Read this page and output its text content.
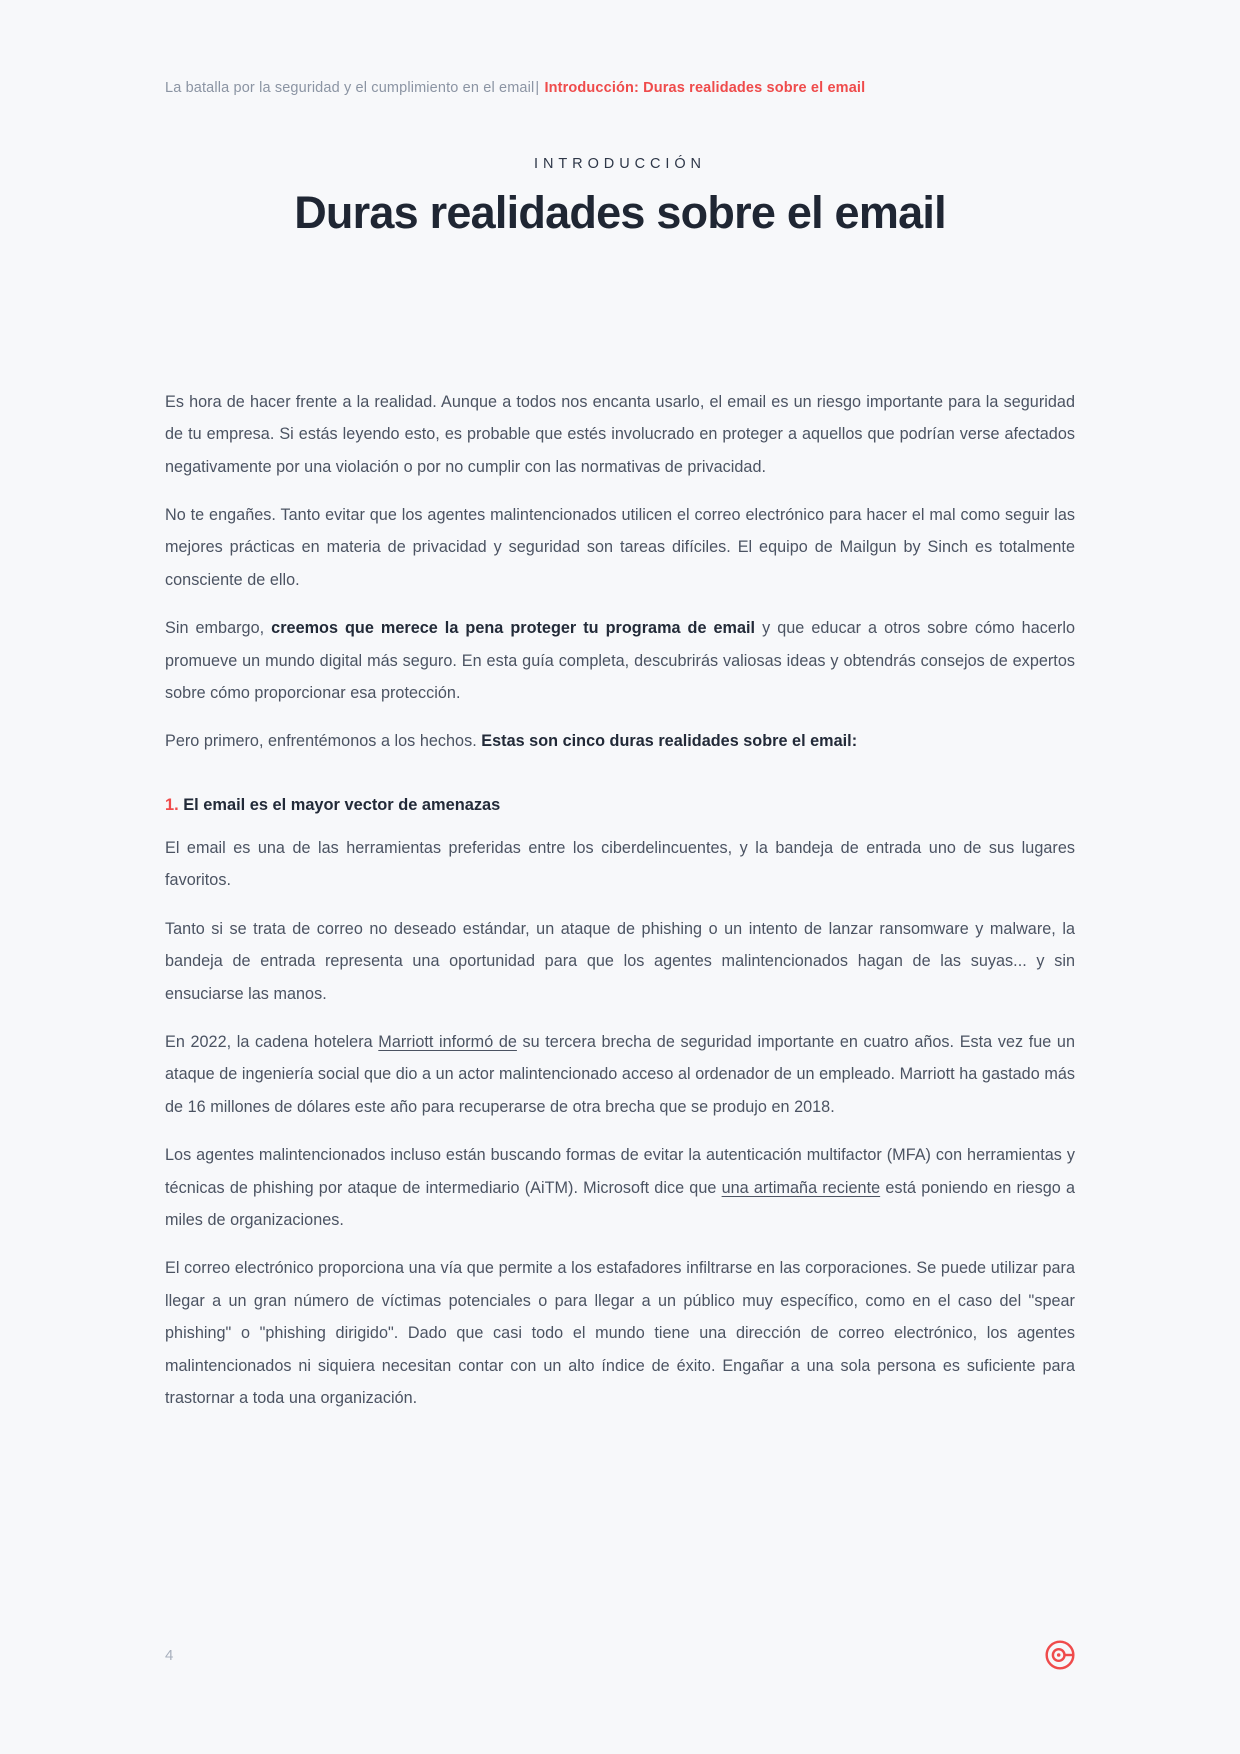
La batalla por la seguridad y el cumplimiento en el email| Introducción: Duras realidades sobre el email
INTRODUCCIÓN
Duras realidades sobre el email

Es hora de hacer frente a la realidad. Aunque a todos nos encanta usarlo, el email es un riesgo importante para la seguridad de tu empresa. Si estás leyendo esto, es probable que estés involucrado en proteger a aquellos que podrían verse afectados negativamente por una violación o por no cumplir con las normativas de privacidad.

No te engañes. Tanto evitar que los agentes malintencionados utilicen el correo electrónico para hacer el mal como seguir las mejores prácticas en materia de privacidad y seguridad son tareas difíciles. El equipo de Mailgun by Sinch es totalmente consciente de ello.

Sin embargo, creemos que merece la pena proteger tu programa de email y que educar a otros sobre cómo hacerlo promueve un mundo digital más seguro. En esta guía completa, descubrirás valiosas ideas y obtendrás consejos de expertos sobre cómo proporcionar esa protección.

Pero primero, enfrentémonos a los hechos. Estas son cinco duras realidades sobre el email:

1. El email es el mayor vector de amenazas

El email es una de las herramientas preferidas entre los ciberdelincuentes, y la bandeja de entrada uno de sus lugares favoritos.

Tanto si se trata de correo no deseado estándar, un ataque de phishing o un intento de lanzar ransomware y malware, la bandeja de entrada representa una oportunidad para que los agentes malintencionados hagan de las suyas... y sin ensuciarse las manos.

En 2022, la cadena hotelera Marriott informó de su tercera brecha de seguridad importante en cuatro años. Esta vez fue un ataque de ingeniería social que dio a un actor malintencionado acceso al ordenador de un empleado. Marriott ha gastado más de 16 millones de dólares este año para recuperarse de otra brecha que se produjo en 2018.

Los agentes malintencionados incluso están buscando formas de evitar la autenticación multifactor (MFA) con herramientas y técnicas de phishing por ataque de intermediario (AiTM). Microsoft dice que una artimaña reciente está poniendo en riesgo a miles de organizaciones.

El correo electrónico proporciona una vía que permite a los estafadores infiltrarse en las corporaciones. Se puede utilizar para llegar a un gran número de víctimas potenciales o para llegar a un público muy específico, como en el caso del "spear phishing" o "phishing dirigido". Dado que casi todo el mundo tiene una dirección de correo electrónico, los agentes malintencionados ni siquiera necesitan contar con un alto índice de éxito. Engañar a una sola persona es suficiente para trastornar a toda una organización.

4
